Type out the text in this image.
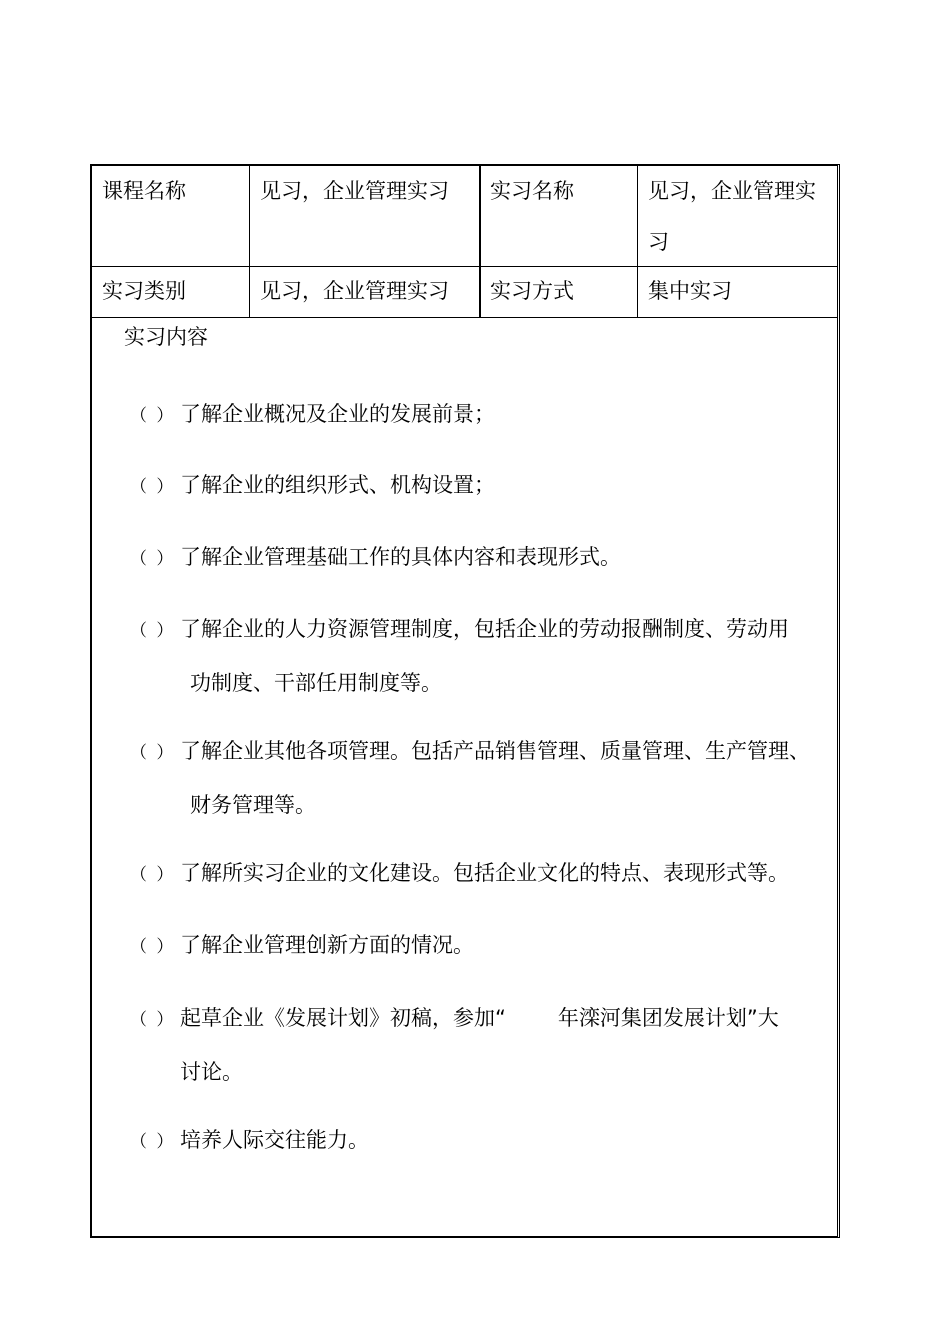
课程名称	见习，企业管理实习	实习名称	见习，企业管理实
习
实习类别	见习，企业管理实习	实习方式	集中实习
实习内容
（ ） 了解企业概况及企业的发展前景；
（ ） 了解企业的组织形式、机构设置；
（ ） 了解企业管理基础工作的具体内容和表现形式。
（ ） 了解企业的人力资源管理制度，包括企业的劳动报酬制度、劳动用
功制度、干部任用制度等。
（ ） 了解企业其他各项管理。包括产品销售管理、质量管理、生产管理、
财务管理等。
（ ） 了解所实习企业的文化建设。包括企业文化的特点、表现形式等。
（ ） 了解企业管理创新方面的情况。
（ ） 起草企业《发展计划》初稿，参加“ 年滦河集团发展计划”大
讨论。
（ ） 培养人际交往能力。
